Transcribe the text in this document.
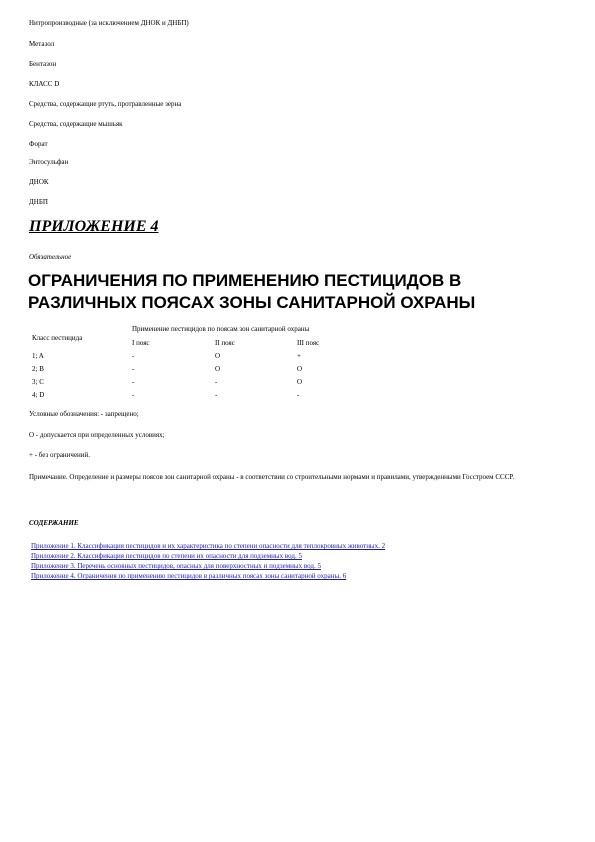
Нитропроизводные (за исключением ДНОК и ДНБП)
Метазол
Бентазон
КЛАСС D
Средства, содержащие ртуть, протравленные зерна
Средства, содержащие мышьяк
Форат
Энтосульфан
ДНОК
ДНБП
ПРИЛОЖЕНИЕ 4
Обязательное
ОГРАНИЧЕНИЯ ПО ПРИМЕНЕНИЮ ПЕСТИЦИДОВ В РАЗЛИЧНЫХ ПОЯСАХ ЗОНЫ САНИТАРНОЙ ОХРАНЫ
Класс пестицида
Применение пестицидов по поясам зон санитарной охраны
I пояс	II пояс	III пояс
1; A	-	O	+
2; B	-	O	O
3; C	-	-	O
4; D	-	-	-
Условные обозначения: - запрещено;
О - допускается при определенных условиях;
+ - без ограничений.
Примечание. Определение и размеры поясов зон санитарной охраны - в соответствии со строительными нормами и правилами, утвержденными Госстроем СССР.
СОДЕРЖАНИЕ
Приложение 1. Классификация пестицидов и их характеристика по степени опасности для теплокровных животных. 2
Приложение 2. Классификация пестицидов по степени их опасности для подземных вод. 5
Приложение 3. Перечень основных пестицидов, опасных для поверхностных и подземных вод. 5
Приложение 4. Ограничения по применению пестицидов в различных поясах зоны санитарной охраны. 6
